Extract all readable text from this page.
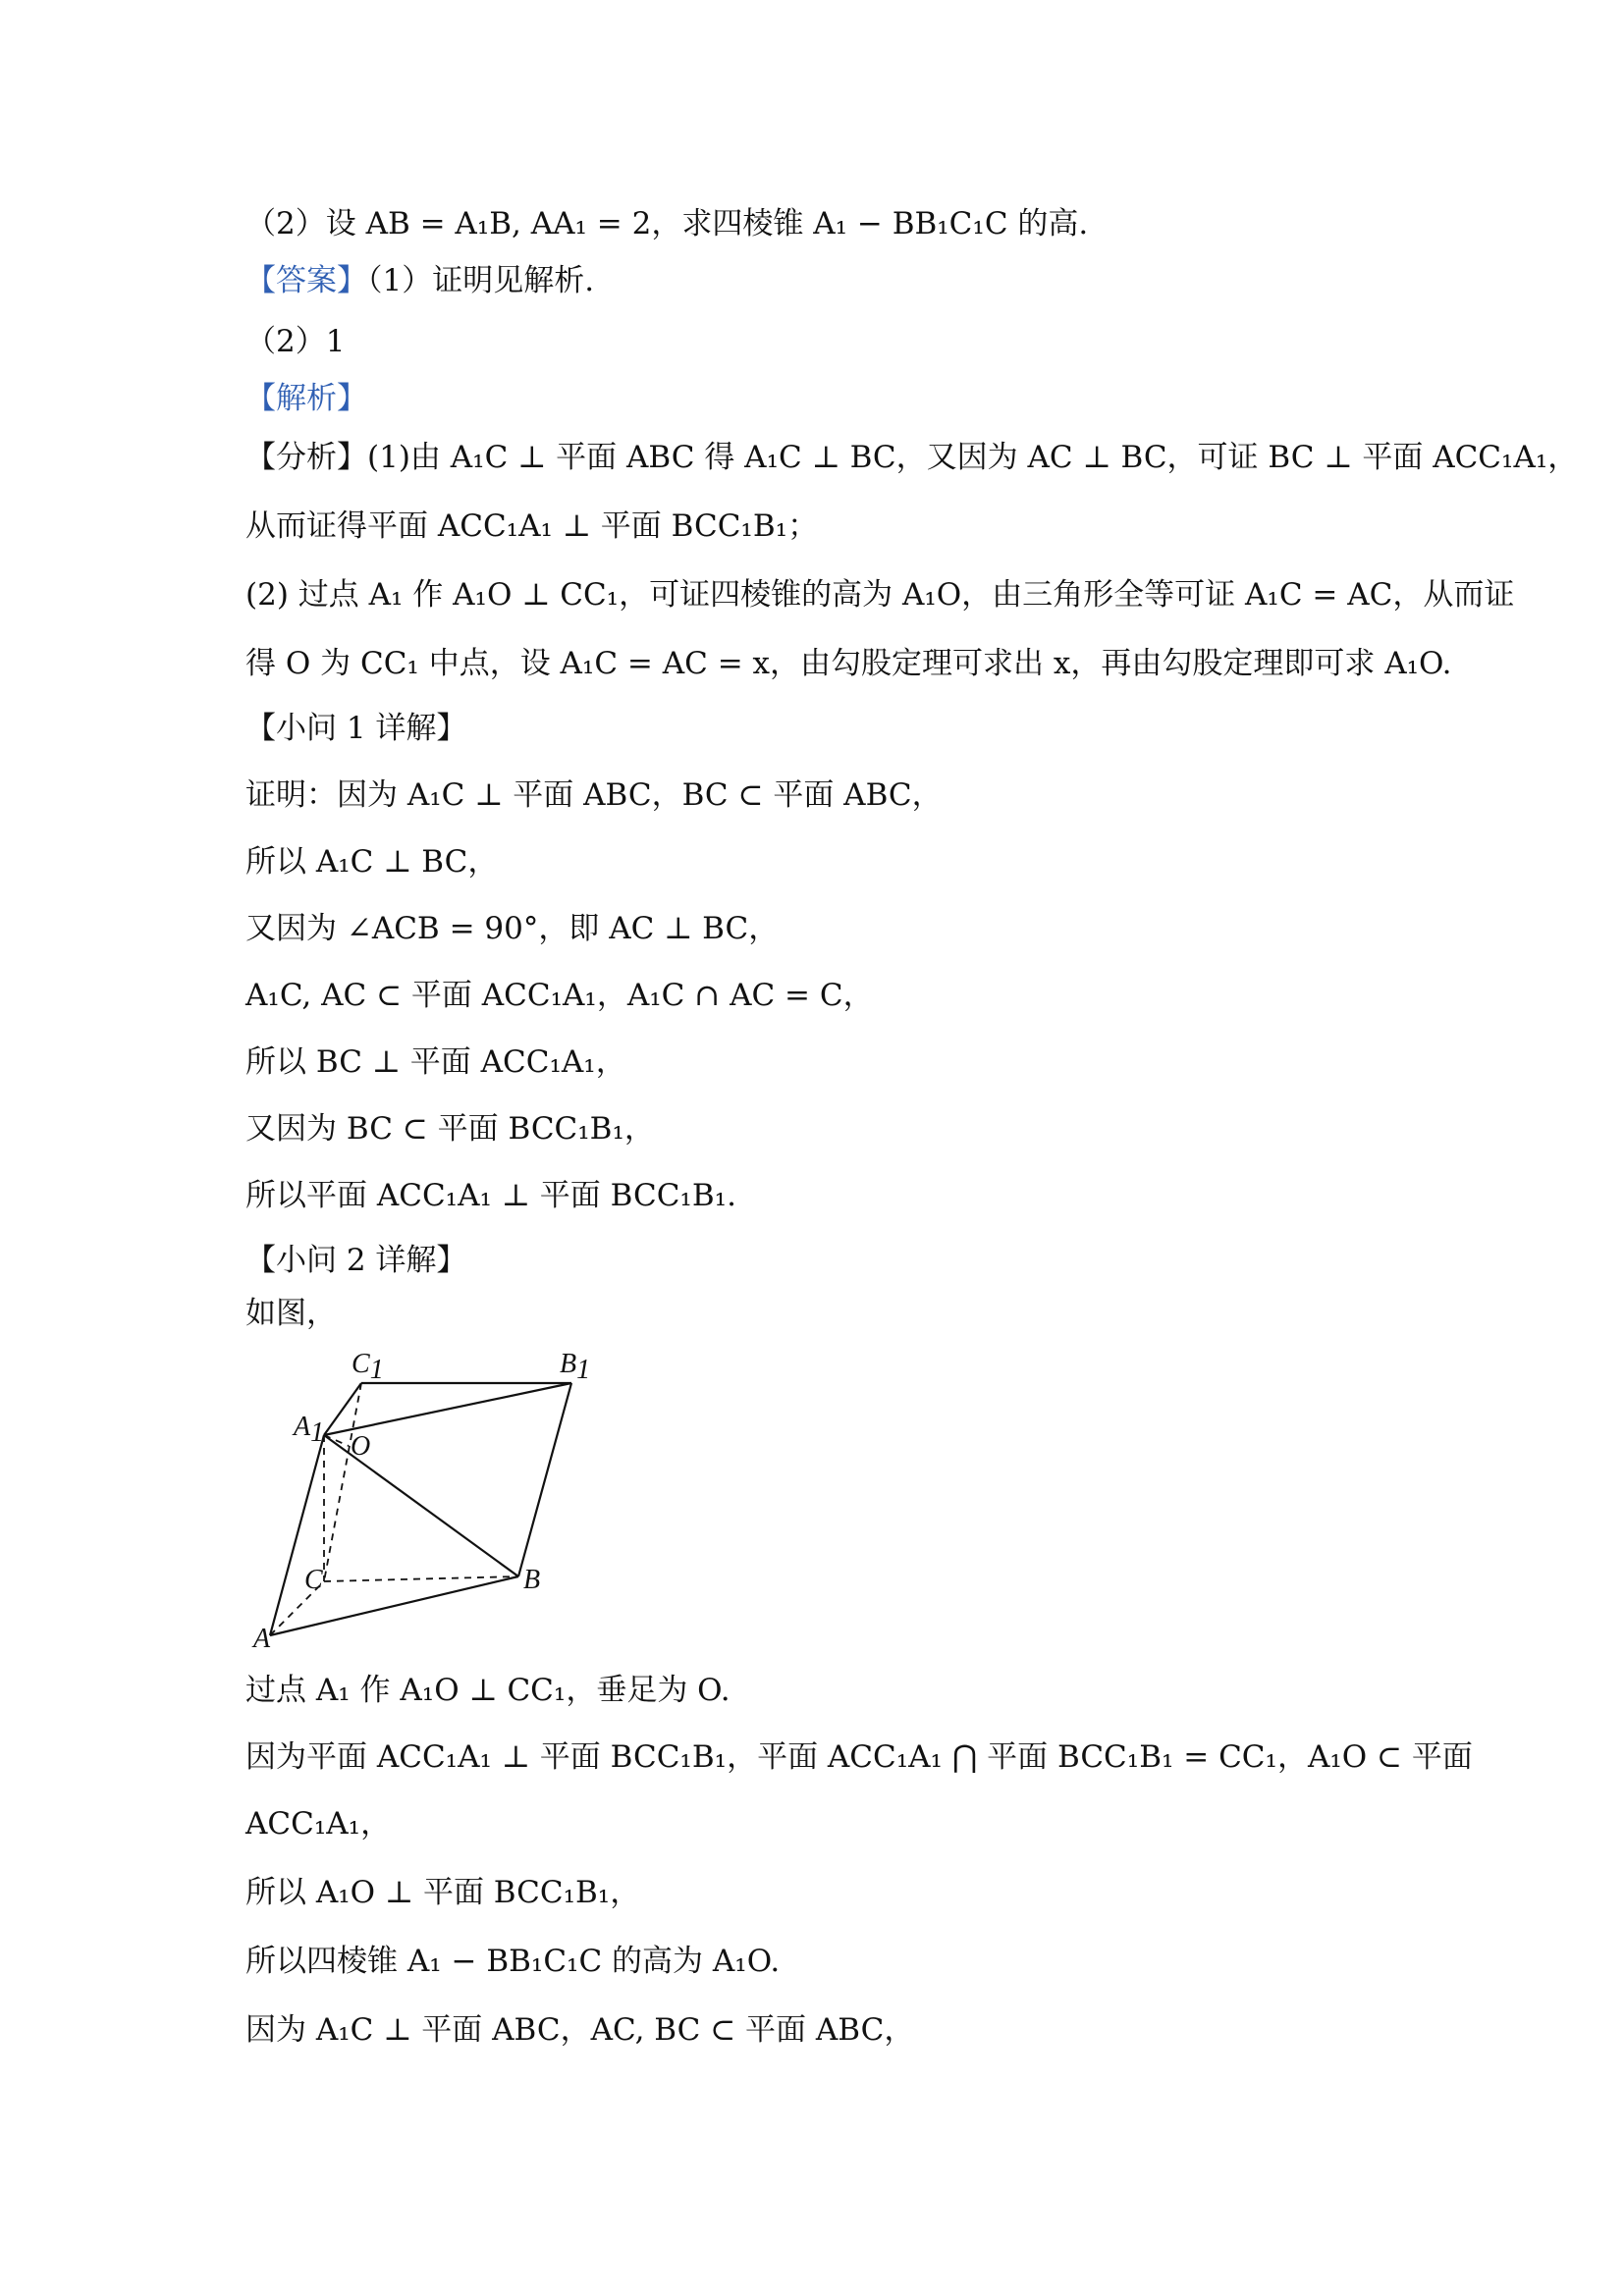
（2）设 AB = A₁B, AA₁ = 2，求四棱锥 A₁ − BB₁C₁C 的高.
【答案】（1）证明见解析.
（2）1
【解析】
【分析】(1)由 A₁C ⊥ 平面 ABC 得 A₁C ⊥ BC，又因为 AC ⊥ BC，可证 BC ⊥ 平面 ACC₁A₁，
从而证得平面 ACC₁A₁ ⊥ 平面 BCC₁B₁；
(2) 过点 A₁ 作 A₁O ⊥ CC₁，可证四棱锥的高为 A₁O，由三角形全等可证 A₁C = AC，从而证
得 O 为 CC₁ 中点，设 A₁C = AC = x，由勾股定理可求出 x，再由勾股定理即可求 A₁O.
【小问 1 详解】
证明：因为 A₁C ⊥ 平面 ABC，BC ⊂ 平面 ABC，
所以 A₁C ⊥ BC，
又因为 ∠ACB = 90°，即 AC ⊥ BC，
A₁C, AC ⊂ 平面 ACC₁A₁，A₁C ∩ AC = C，
所以 BC ⊥ 平面 ACC₁A₁，
又因为 BC ⊂ 平面 BCC₁B₁，
所以平面 ACC₁A₁ ⊥ 平面 BCC₁B₁.
【小问 2 详解】
如图，
C1	B1
A1 O
C	B
A
过点 A₁ 作 A₁O ⊥ CC₁，垂足为 O.
因为平面 ACC₁A₁ ⊥ 平面 BCC₁B₁，平面 ACC₁A₁ ⋂ 平面 BCC₁B₁ = CC₁，A₁O ⊂ 平面
ACC₁A₁，
所以 A₁O ⊥ 平面 BCC₁B₁，
所以四棱锥 A₁ − BB₁C₁C 的高为 A₁O.
因为 A₁C ⊥ 平面 ABC，AC, BC ⊂ 平面 ABC，
